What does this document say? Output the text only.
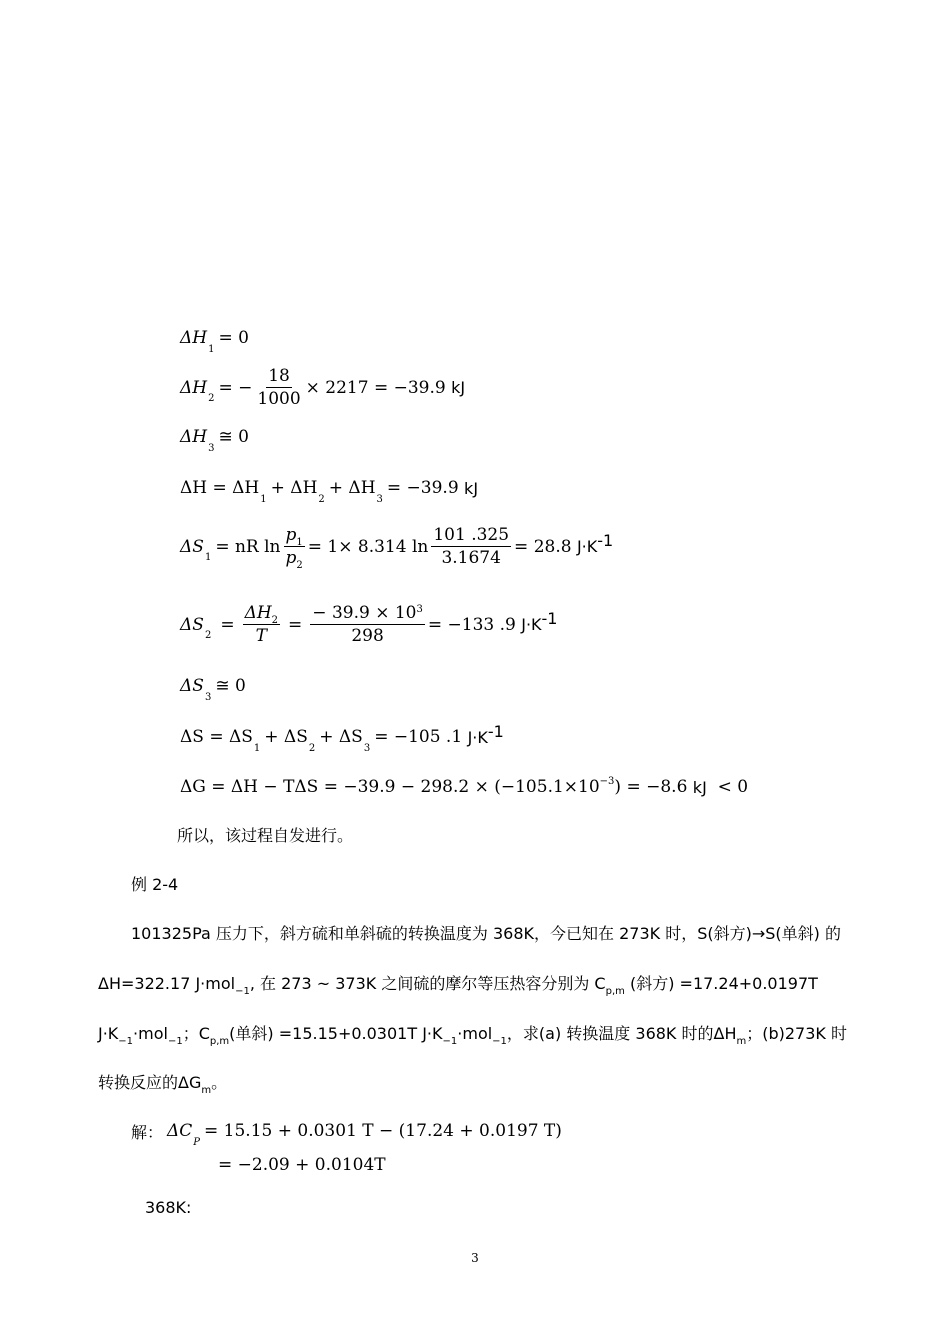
ΔH
1
= 0
ΔH
2
= − $\frac{18}{1000} \times 2217 = -39.9$
kJ
ΔH
3
≅ 0
ΔH = ΔH
1
+ ΔH
2
+ ΔH
3
= −39.9
kJ
ΔS
1
= nR $\ln \frac{p_1}{p_2} = 1\times 8.314$ $\ln \frac{101 .325}{3.1674} = 28.8$
J·K -1
ΔS
2
= $\frac{\Delta H_2}{T} = \frac{- 39.9 \times 10^3}{298} = -133$ .9
J·K -1
ΔS
3
≅ 0
ΔS = ΔS
1
+ ΔS
2
+ ΔS
3
= −105 .1
J·K -1
ΔG = ΔH − TΔS = −39.9 − 298.2 × (−105.1×10 −3 ) = −8.6
kJ
< 0
所以，该过程自发进行。
例 2-4
101325Pa 压力下，斜方硫和单斜硫的转换温度为 368K，今已知在 273K 时，S(斜方)→S(单斜) 的
ΔH=322.17 J·mol$_{-1}$, 在 273 ~ 373K 之间硫的摩尔等压热容分别为 $C_{p,m}$ (斜方) =17.24+0.0197T
$J\cdot K_{-1}\cdot mol_{-1}$；$C_{p,m}$(单斜) =15.15+0.0301T $J\cdot K_{-1}\cdot mol_{-1}$，求(a) 转换温度 368K 时的$\Delta H_m$；(b)273K 时
转换反应的$\Delta G_m$。
解： ΔC
P
= 15.15 + 0.0301 T − (17.24 + 0.0197 T)
= −2.09 + 0.0104T
368K:
3
